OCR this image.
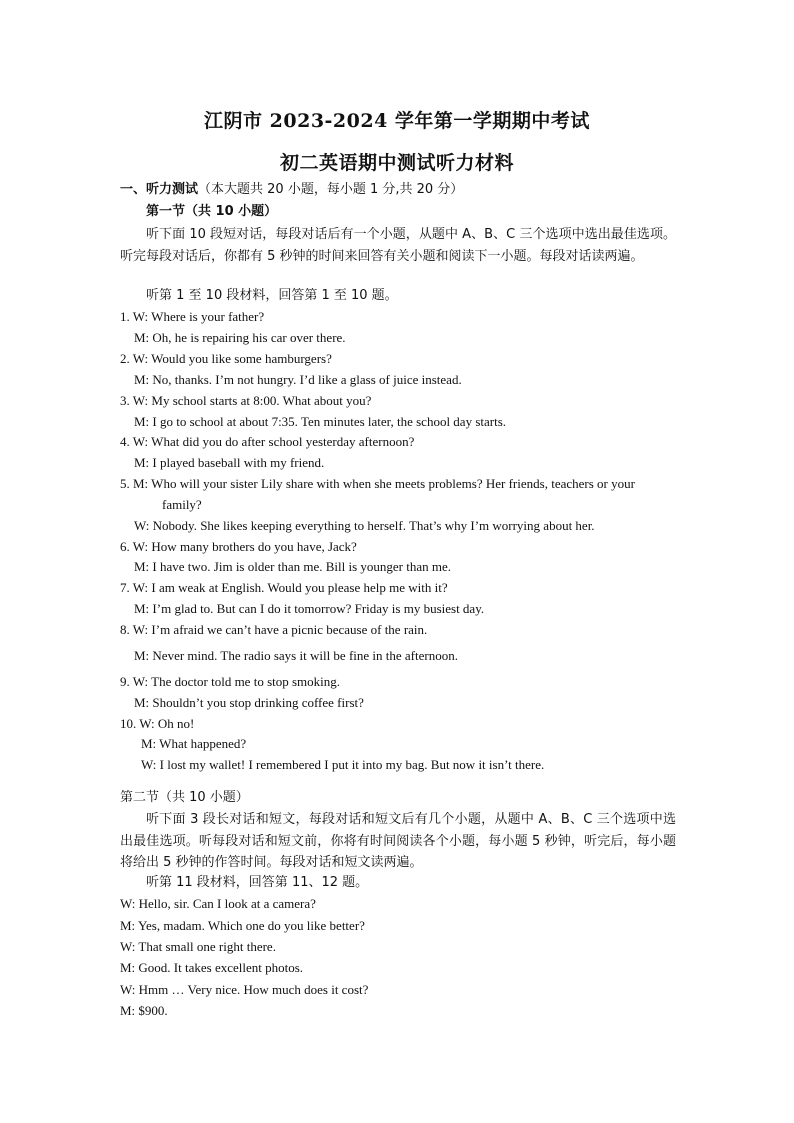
江阴市 2023-2024 学年第一学期期中考试
初二英语期中测试听力材料
一、听力测试（本大题共 20 小题，每小题 1 分,共 20 分）
第一节（共 10 小题）
听下面 10 段短对话，每段对话后有一个小题，从题中 A、B、C 三个选项中选出最佳选项。听完每段对话后，你都有 5 秒钟的时间来回答有关小题和阅读下一小题。每段对话读两遍。
听第 1 至 10 段材料，回答第 1 至 10 题。
1. W: Where is your father?
M: Oh, he is repairing his car over there.
2. W: Would you like some hamburgers?
M: No, thanks. I’m not hungry. I’d like a glass of juice instead.
3. W: My school starts at 8:00. What about you?
M: I go to school at about 7:35. Ten minutes later, the school day starts.
4. W: What did you do after school yesterday afternoon?
M: I played baseball with my friend.
5. M: Who will your sister Lily share with when she meets problems? Her friends, teachers or your
family?
W: Nobody. She likes keeping everything to herself. That’s why I’m worrying about her.
6. W: How many brothers do you have, Jack?
M: I have two. Jim is older than me. Bill is younger than me.
7. W: I am weak at English. Would you please help me with it?
M: I’m glad to. But can I do it tomorrow? Friday is my busiest day.
8. W: I’m afraid we can’t have a picnic because of the rain.
M: Never mind. The radio says it will be fine in the afternoon.
9. W: The doctor told me to stop smoking.
M: Shouldn’t you stop drinking coffee first?
10. W: Oh no!
M: What happened?
W: I lost my wallet! I remembered I put it into my bag. But now it isn’t there.
第二节（共 10 小题）
听下面 3 段长对话和短文，每段对话和短文后有几个小题，从题中 A、B、C 三个选项中选出最佳选项。听每段对话和短文前，你将有时间阅读各个小题，每小题 5 秒钟，听完后，每小题将给出 5 秒钟的作答时间。每段对话和短文读两遍。
听第 11 段材料，回答第 11、12 题。
W: Hello, sir. Can I look at a camera?
M: Yes, madam. Which one do you like better?
W: That small one right there.
M: Good. It takes excellent photos.
W: Hmm … Very nice. How much does it cost?
M: $900.
